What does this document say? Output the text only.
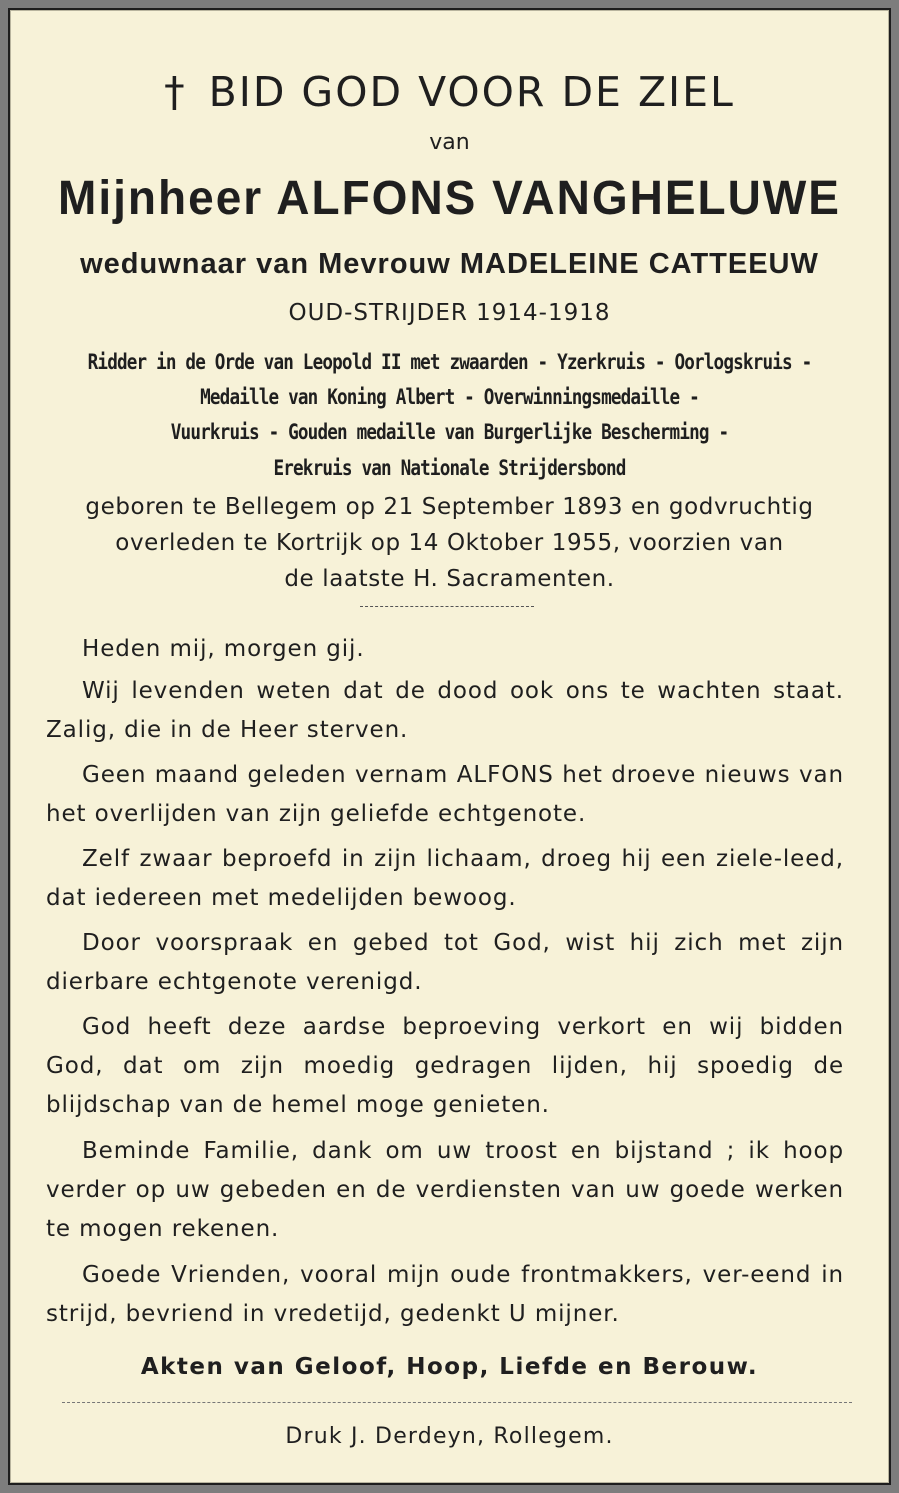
† BID GOD VOOR DE ZIEL
van
Mijnheer ALFONS VANGHELUWE
weduwnaar van Mevrouw MADELEINE CATTEEUW
OUD-STRIJDER 1914-1918
Ridder in de Orde van Leopold II met zwaarden - Yzerkruis - Oorlogskruis -
Medaille van Koning Albert - Overwinningsmedaille -
Vuurkruis - Gouden medaille van Burgerlijke Bescherming -
Erekruis van Nationale Strijdersbond
geboren te Bellegem op 21 September 1893 en godvruchtig
overleden te Kortrijk op 14 Oktober 1955, voorzien van
de laatste H. Sacramenten.
Heden mij, morgen gij.
Wij levenden weten dat de dood ook ons te wachten staat. Zalig, die in de Heer sterven.
Geen maand geleden vernam ALFONS het droeve nieuws van het overlijden van zijn geliefde echtgenote.
Zelf zwaar beproefd in zijn lichaam, droeg hij een ziele-leed, dat iedereen met medelijden bewoog.
Door voorspraak en gebed tot God, wist hij zich met zijn dierbare echtgenote verenigd.
God heeft deze aardse beproeving verkort en wij bidden God, dat om zijn moedig gedragen lijden, hij spoedig de blijdschap van de hemel moge genieten.
Beminde Familie, dank om uw troost en bijstand ; ik hoop verder op uw gebeden en de verdiensten van uw goede werken te mogen rekenen.
Goede Vrienden, vooral mijn oude frontmakkers, ver-eend in strijd, bevriend in vredetijd, gedenkt U mijner.
Akten van Geloof, Hoop, Liefde en Berouw.
Druk J. Derdeyn, Rollegem.
